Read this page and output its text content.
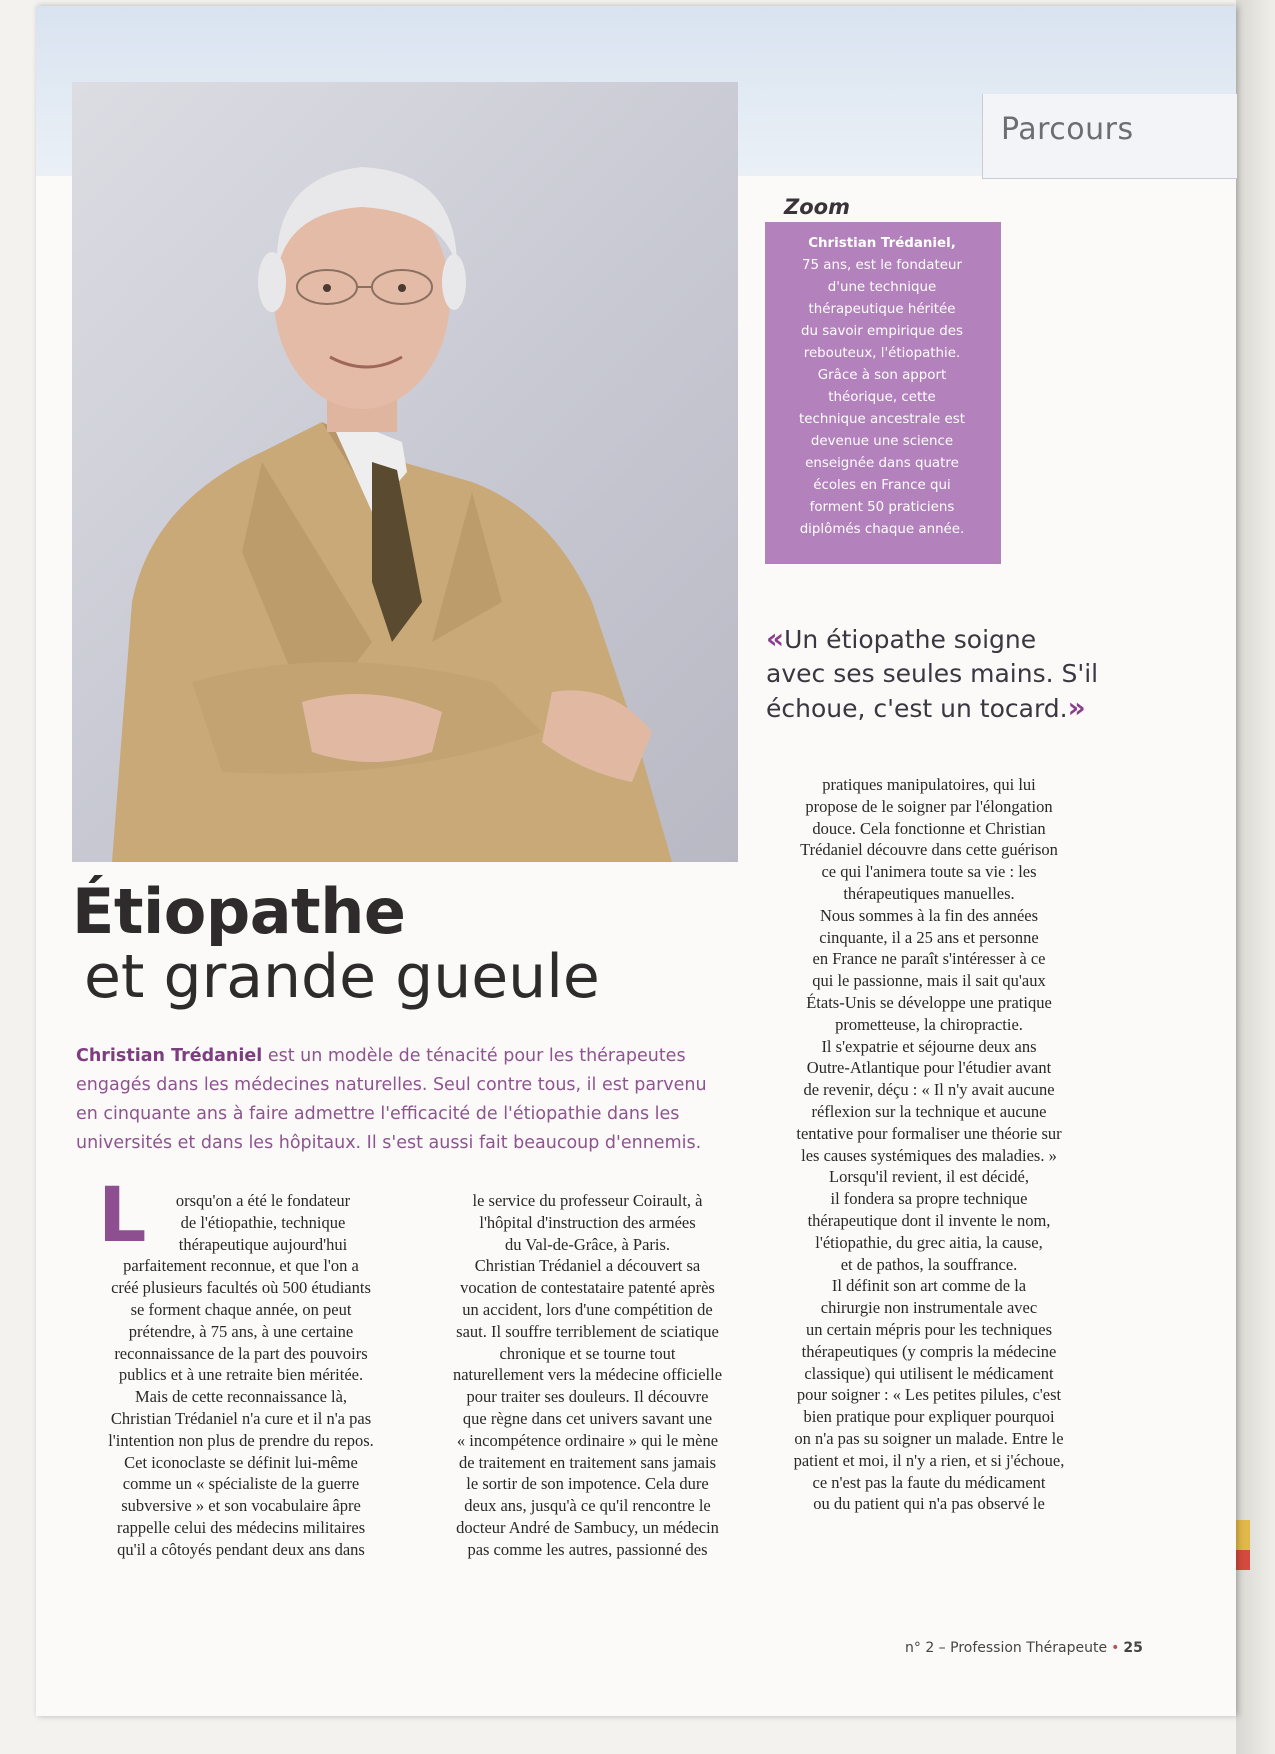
Parcours
Zoom
Christian Trédaniel,
75 ans, est le fondateur
d'une technique
thérapeutique héritée
du savoir empirique des
rebouteux, l'étiopathie.
Grâce à son apport
théorique, cette
technique ancestrale est
devenue une science
enseignée dans quatre
écoles en France qui
forment 50 praticiens
diplômés chaque année.
«Un étiopathe soigne
avec ses seules mains. S'il
échoue, c'est un tocard.»
Étiopathe
et grande gueule
Christian Trédaniel est un modèle de ténacité pour les thérapeutes
engagés dans les médecines naturelles. Seul contre tous, il est parvenu
en cinquante ans à faire admettre l'efficacité de l'étiopathie dans les
universités et dans les hôpitaux. Il s'est aussi fait beaucoup d'ennemis.
L	orsqu'on a été le fondateur
de l'étiopathie, technique
thérapeutique aujourd'hui
parfaitement reconnue, et que l'on a
créé plusieurs facultés où 500 étudiants
se forment chaque année, on peut
prétendre, à 75 ans, à une certaine
reconnaissance de la part des pouvoirs
publics et à une retraite bien méritée.
Mais de cette reconnaissance là,
Christian Trédaniel n'a cure et il n'a pas
l'intention non plus de prendre du repos.
Cet iconoclaste se définit lui-même
comme un « spécialiste de la guerre
subversive » et son vocabulaire âpre
rappelle celui des médecins militaires
qu'il a côtoyés pendant deux ans dans
le service du professeur Coirault, à
l'hôpital d'instruction des armées
du Val-de-Grâce, à Paris.
Christian Trédaniel a découvert sa
vocation de contestataire patenté après
un accident, lors d'une compétition de
saut. Il souffre terriblement de sciatique
chronique et se tourne tout
naturellement vers la médecine officielle
pour traiter ses douleurs. Il découvre
que règne dans cet univers savant une
« incompétence ordinaire » qui le mène
de traitement en traitement sans jamais
le sortir de son impotence. Cela dure
deux ans, jusqu'à ce qu'il rencontre le
docteur André de Sambucy, un médecin
pas comme les autres, passionné des
pratiques manipulatoires, qui lui
propose de le soigner par l'élongation
douce. Cela fonctionne et Christian
Trédaniel découvre dans cette guérison
ce qui l'animera toute sa vie : les
thérapeutiques manuelles.
Nous sommes à la fin des années
cinquante, il a 25 ans et personne
en France ne paraît s'intéresser à ce
qui le passionne, mais il sait qu'aux
États-Unis se développe une pratique
prometteuse, la chiropractie.
Il s'expatrie et séjourne deux ans
Outre-Atlantique pour l'étudier avant
de revenir, déçu : « Il n'y avait aucune
réflexion sur la technique et aucune
tentative pour formaliser une théorie sur
les causes systémiques des maladies. »
Lorsqu'il revient, il est décidé,
il fondera sa propre technique
thérapeutique dont il invente le nom,
l'étiopathie, du grec aitia, la cause,
et de pathos, la souffrance.
Il définit son art comme de la
chirurgie non instrumentale avec
un certain mépris pour les techniques
thérapeutiques (y compris la médecine
classique) qui utilisent le médicament
pour soigner : « Les petites pilules, c'est
bien pratique pour expliquer pourquoi
on n'a pas su soigner un malade. Entre le
patient et moi, il n'y a rien, et si j'échoue,
ce n'est pas la faute du médicament
ou du patient qui n'a pas observé le
n° 2 – Profession Thérapeute • 25
